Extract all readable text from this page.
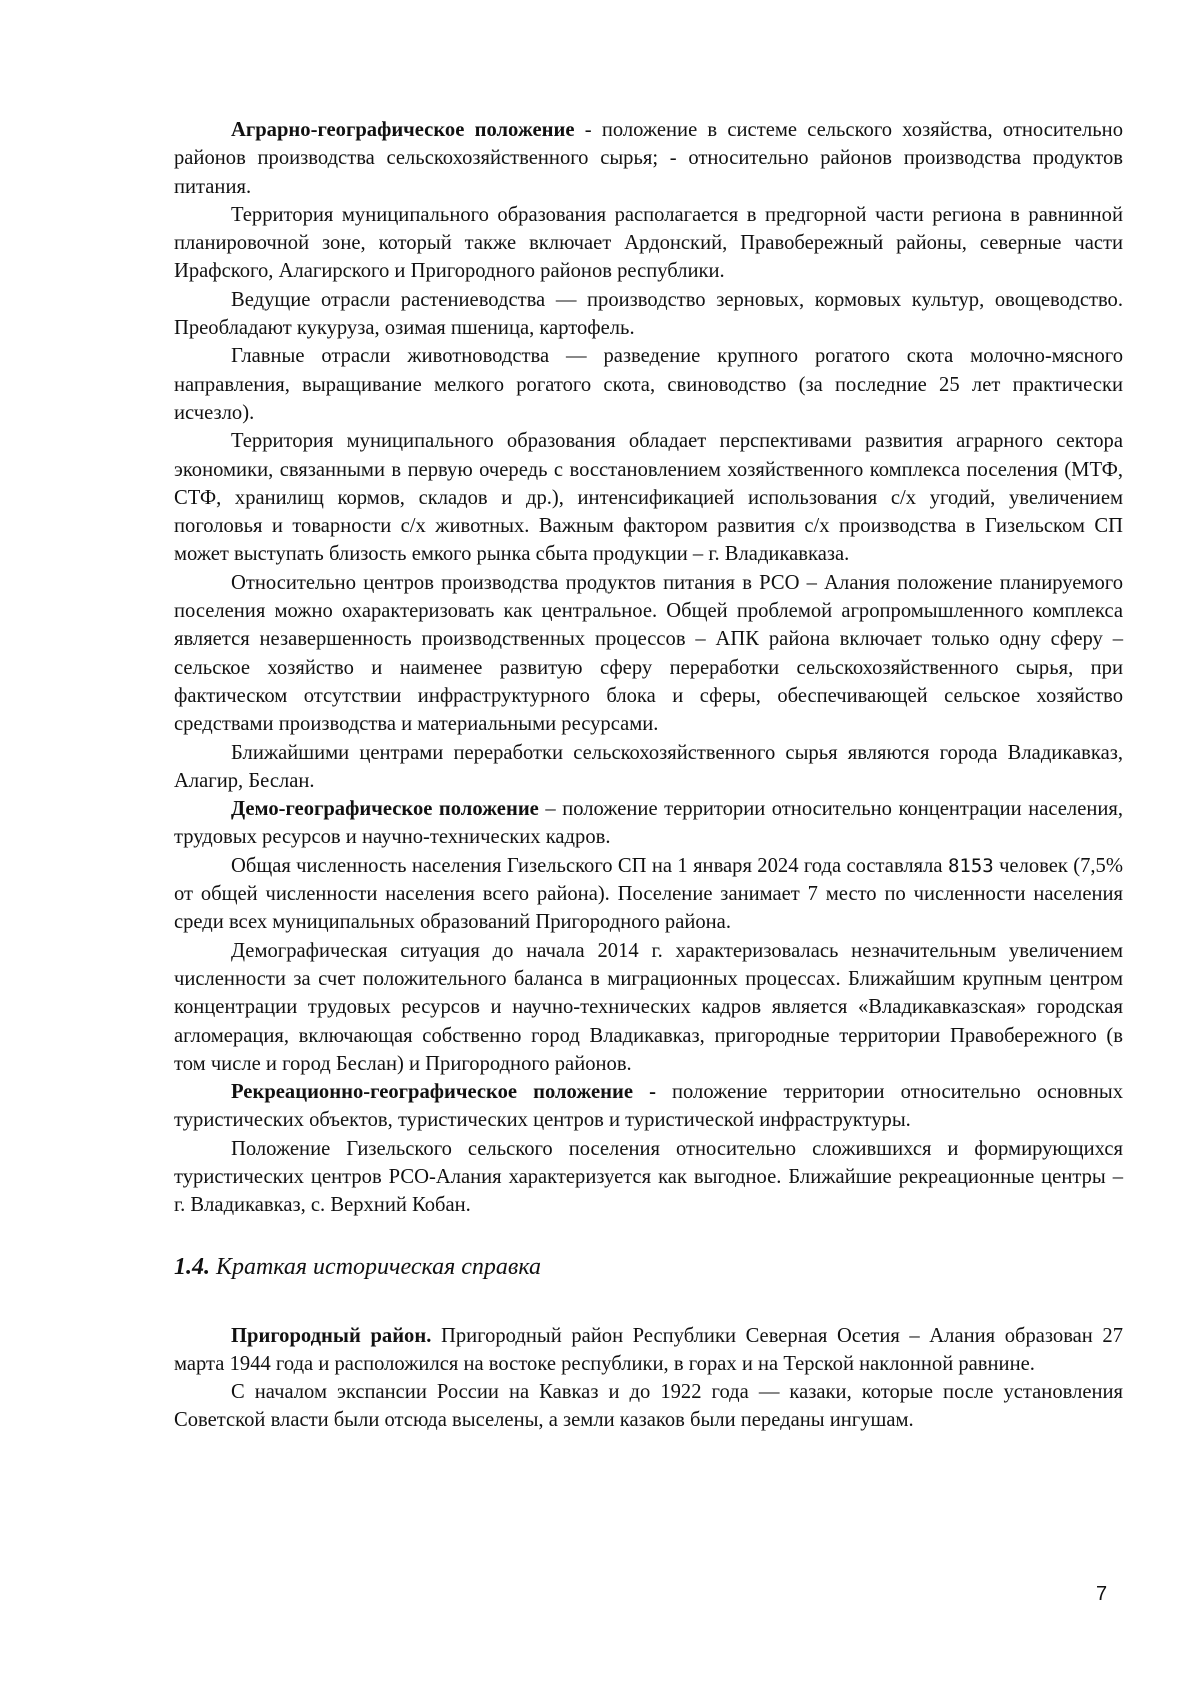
Аграрно-географическое положение - положение в системе сельского хозяйства, относительно районов производства сельскохозяйственного сырья; - относительно районов производства продуктов питания.

Территория муниципального образования располагается в предгорной части региона в равнинной планировочной зоне, который также включает Ардонский, Правобережный районы, северные части Ирафского, Алагирского и Пригородного районов республики.

Ведущие отрасли растениеводства — производство зерновых, кормовых культур, овощеводство. Преобладают кукуруза, озимая пшеница, картофель.

Главные отрасли животноводства — разведение крупного рогатого скота молочно-мясного направления, выращивание мелкого рогатого скота, свиноводство (за последние 25 лет практически исчезло).

Территория муниципального образования обладает перспективами развития аграрного сектора экономики, связанными в первую очередь с восстановлением хозяйственного комплекса поселения (МТФ, СТФ, хранилищ кормов, складов и др.), интенсификацией использования с/х угодий, увеличением поголовья и товарности с/х животных. Важным фактором развития с/х производства в Гизельском СП может выступать близость емкого рынка сбыта продукции – г. Владикавказа.

Относительно центров производства продуктов питания в РСО – Алания положение планируемого поселения можно охарактеризовать как центральное. Общей проблемой агропромышленного комплекса является незавершенность производственных процессов – АПК района включает только одну сферу – сельское хозяйство и наименее развитую сферу переработки сельскохозяйственного сырья, при фактическом отсутствии инфраструктурного блока и сферы, обеспечивающей сельское хозяйство средствами производства и материальными ресурсами.

Ближайшими центрами переработки сельскохозяйственного сырья являются города Владикавказ, Алагир, Беслан.

Демо-географическое положение – положение территории относительно концентрации населения, трудовых ресурсов и научно-технических кадров.

Общая численность населения Гизельского СП на 1 января 2024 года составляла 8153 человек (7,5% от общей численности населения всего района). Поселение занимает 7 место по численности населения среди всех муниципальных образований Пригородного района.

Демографическая ситуация до начала 2014 г. характеризовалась незначительным увеличением численности за счет положительного баланса в миграционных процессах. Ближайшим крупным центром концентрации трудовых ресурсов и научно-технических кадров является «Владикавказская» городская агломерация, включающая собственно город Владикавказ, пригородные территории Правобережного (в том числе и город Беслан) и Пригородного районов.

Рекреационно-географическое положение - положение территории относительно основных туристических объектов, туристических центров и туристической инфраструктуры.

Положение Гизельского сельского поселения относительно сложившихся и формирующихся туристических центров РСО-Алания характеризуется как выгодное. Ближайшие рекреационные центры – г. Владикавказ, с. Верхний Кобан.

1.4. Краткая историческая справка

Пригородный район. Пригородный район Республики Северная Осетия – Алания образован 27 марта 1944 года и расположился на востоке республики, в горах и на Терской наклонной равнине.

С началом экспансии России на Кавказ и до 1922 года — казаки, которые после установления Советской власти были отсюда выселены, а земли казаков были переданы ингушам.

7
